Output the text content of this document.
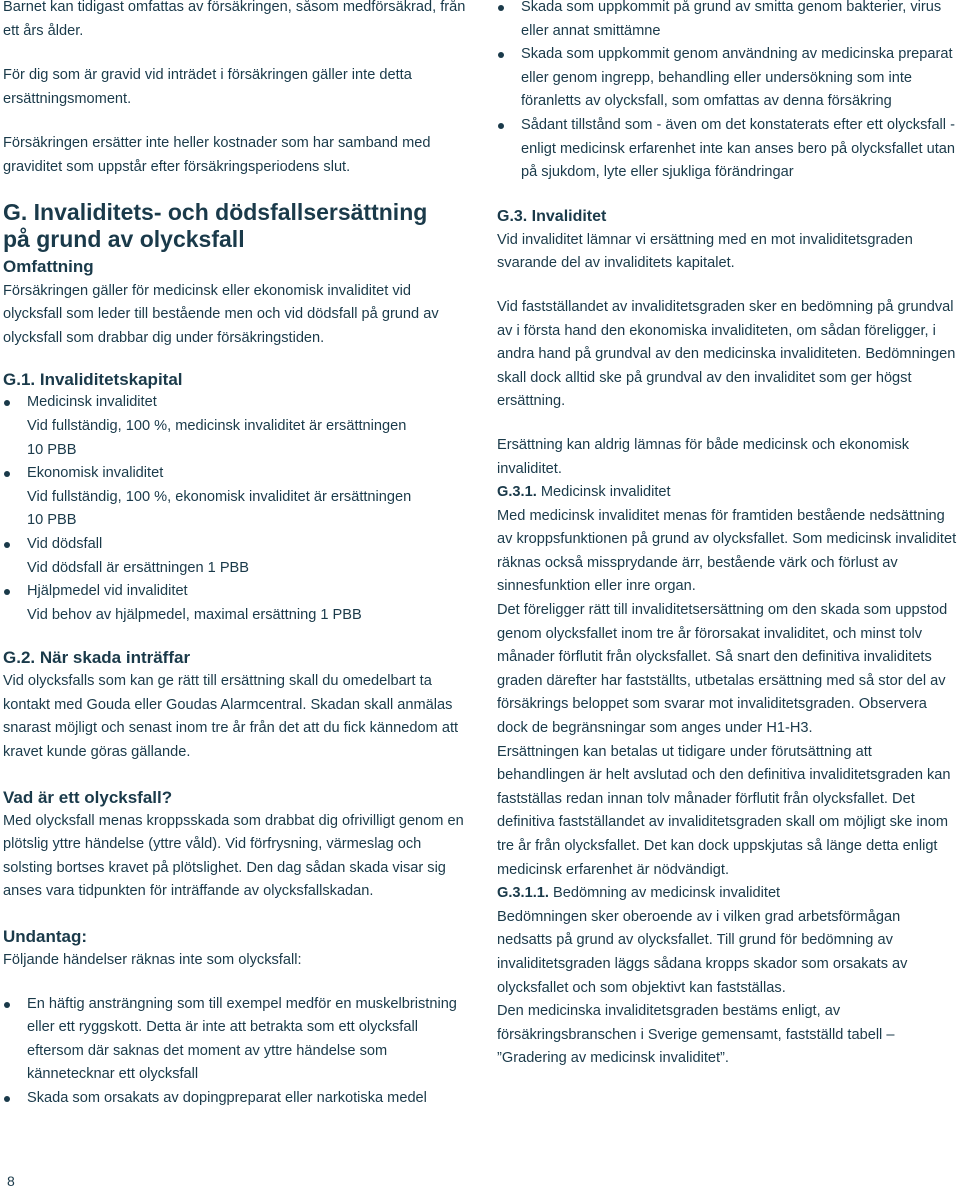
Barnet kan tidigast omfattas av försäkringen, såsom medförsäkrad, från ett års ålder.

För dig som är gravid vid inträdet i försäkringen gäller inte detta ersättningsmoment.

Försäkringen ersätter inte heller kostnader som har samband med graviditet som uppstår efter försäkringsperiodens slut.

G. Invaliditets- och dödsfallsersättning
på grund av olycksfall
Omfattning

Försäkringen gäller för medicinsk eller ekonomisk invaliditet vid olycksfall som leder till bestående men och vid dödsfall på grund av olycksfall som drabbar dig under försäkringstiden.

G.1. Invaliditetskapital
Medicinsk invaliditet
Vid fullständig, 100 %, medicinsk invaliditet är ersättningen
10 PBB
Ekonomisk invaliditet
Vid fullständig, 100 %, ekonomisk invaliditet är ersättningen
10 PBB
Vid dödsfall
Vid dödsfall är ersättningen 1 PBB
Hjälpmedel vid invaliditet
Vid behov av hjälpmedel, maximal ersättning 1 PBB
G.2. När skada inträffar

Vid olycksfalls som kan ge rätt till ersättning skall du omedelbart ta kontakt med Gouda eller Goudas Alarmcentral. Skadan skall anmälas snarast möjligt och senast inom tre år från det att du fick kännedom att kravet kunde göras gällande.

Vad är ett olycksfall?

Med olycksfall menas kroppsskada som drabbat dig ofrivilligt genom en plötslig yttre händelse (yttre våld). Vid förfrysning, värmeslag och solsting bortses kravet på plötslighet. Den dag sådan skada visar sig anses vara tidpunkten för inträffande av olycksfallskadan.

Undantag:

Följande händelser räknas inte som olycksfall:

En häftig ansträngning som till exempel medför en muskelbristning eller ett ryggskott. Detta är inte att betrakta som ett olycksfall eftersom där saknas det moment av yttre händelse som kännetecknar ett olycksfall
Skada som orsakats av dopingpreparat eller narkotiska medel
Skada som uppkommit på grund av smitta genom bakterier, virus eller annat smittämne
Skada som uppkommit genom användning av medicinska preparat eller genom ingrepp, behandling eller undersökning som inte föranletts av olycksfall, som omfattas av denna försäkring
Sådant tillstånd som - även om det konstaterats efter ett olycksfall - enligt medicinsk erfarenhet inte kan anses bero på olycksfallet utan på sjukdom, lyte eller sjukliga förändringar
G.3. Invaliditet

Vid invaliditet lämnar vi ersättning med en mot invaliditetsgraden svarande del av invaliditets kapitalet.

Vid fastställandet av invaliditetsgraden sker en bedömning på grundval av i första hand den ekonomiska invaliditeten, om sådan föreligger, i andra hand på grundval av den medicinska invaliditeten. Bedömningen skall dock alltid ske på grundval av den invaliditet som ger högst ersättning.

Ersättning kan aldrig lämnas för både medicinsk och ekonomisk invaliditet.

G.3.1. Medicinsk invaliditet

Med medicinsk invaliditet menas för framtiden bestående nedsättning av kroppsfunktionen på grund av olycksfallet. Som medicinsk invaliditet räknas också missprydande ärr, bestående värk och förlust av sinnesfunktion eller inre organ.

Det föreligger rätt till invaliditetsersättning om den skada som uppstod genom olycksfallet inom tre år förorsakat invaliditet, och minst tolv månader förflutit från olycksfallet. Så snart den definitiva invaliditets graden därefter har fastställts, utbetalas ersättning med så stor del av försäkrings beloppet som svarar mot invaliditetsgraden. Observera dock de begränsningar som anges under H1-H3.

Ersättningen kan betalas ut tidigare under förutsättning att behandlingen är helt avslutad och den definitiva invaliditetsgraden kan fastställas redan innan tolv månader förflutit från olycksfallet. Det definitiva fastställandet av invaliditetsgraden skall om möjligt ske inom tre år från olycksfallet. Det kan dock uppskjutas så länge detta enligt medicinsk erfarenhet är nödvändigt.

G.3.1.1. Bedömning av medicinsk invaliditet

Bedömningen sker oberoende av i vilken grad arbetsförmågan nedsatts på grund av olycksfallet. Till grund för bedömning av invaliditetsgraden läggs sådana kropps skador som orsakats av olycksfallet och som objektivt kan fastställas.

Den medicinska invaliditetsgraden bestäms enligt, av försäkringsbranschen i Sverige gemensamt, fastställd tabell – ”Gradering av medicinsk invaliditet”.

8
